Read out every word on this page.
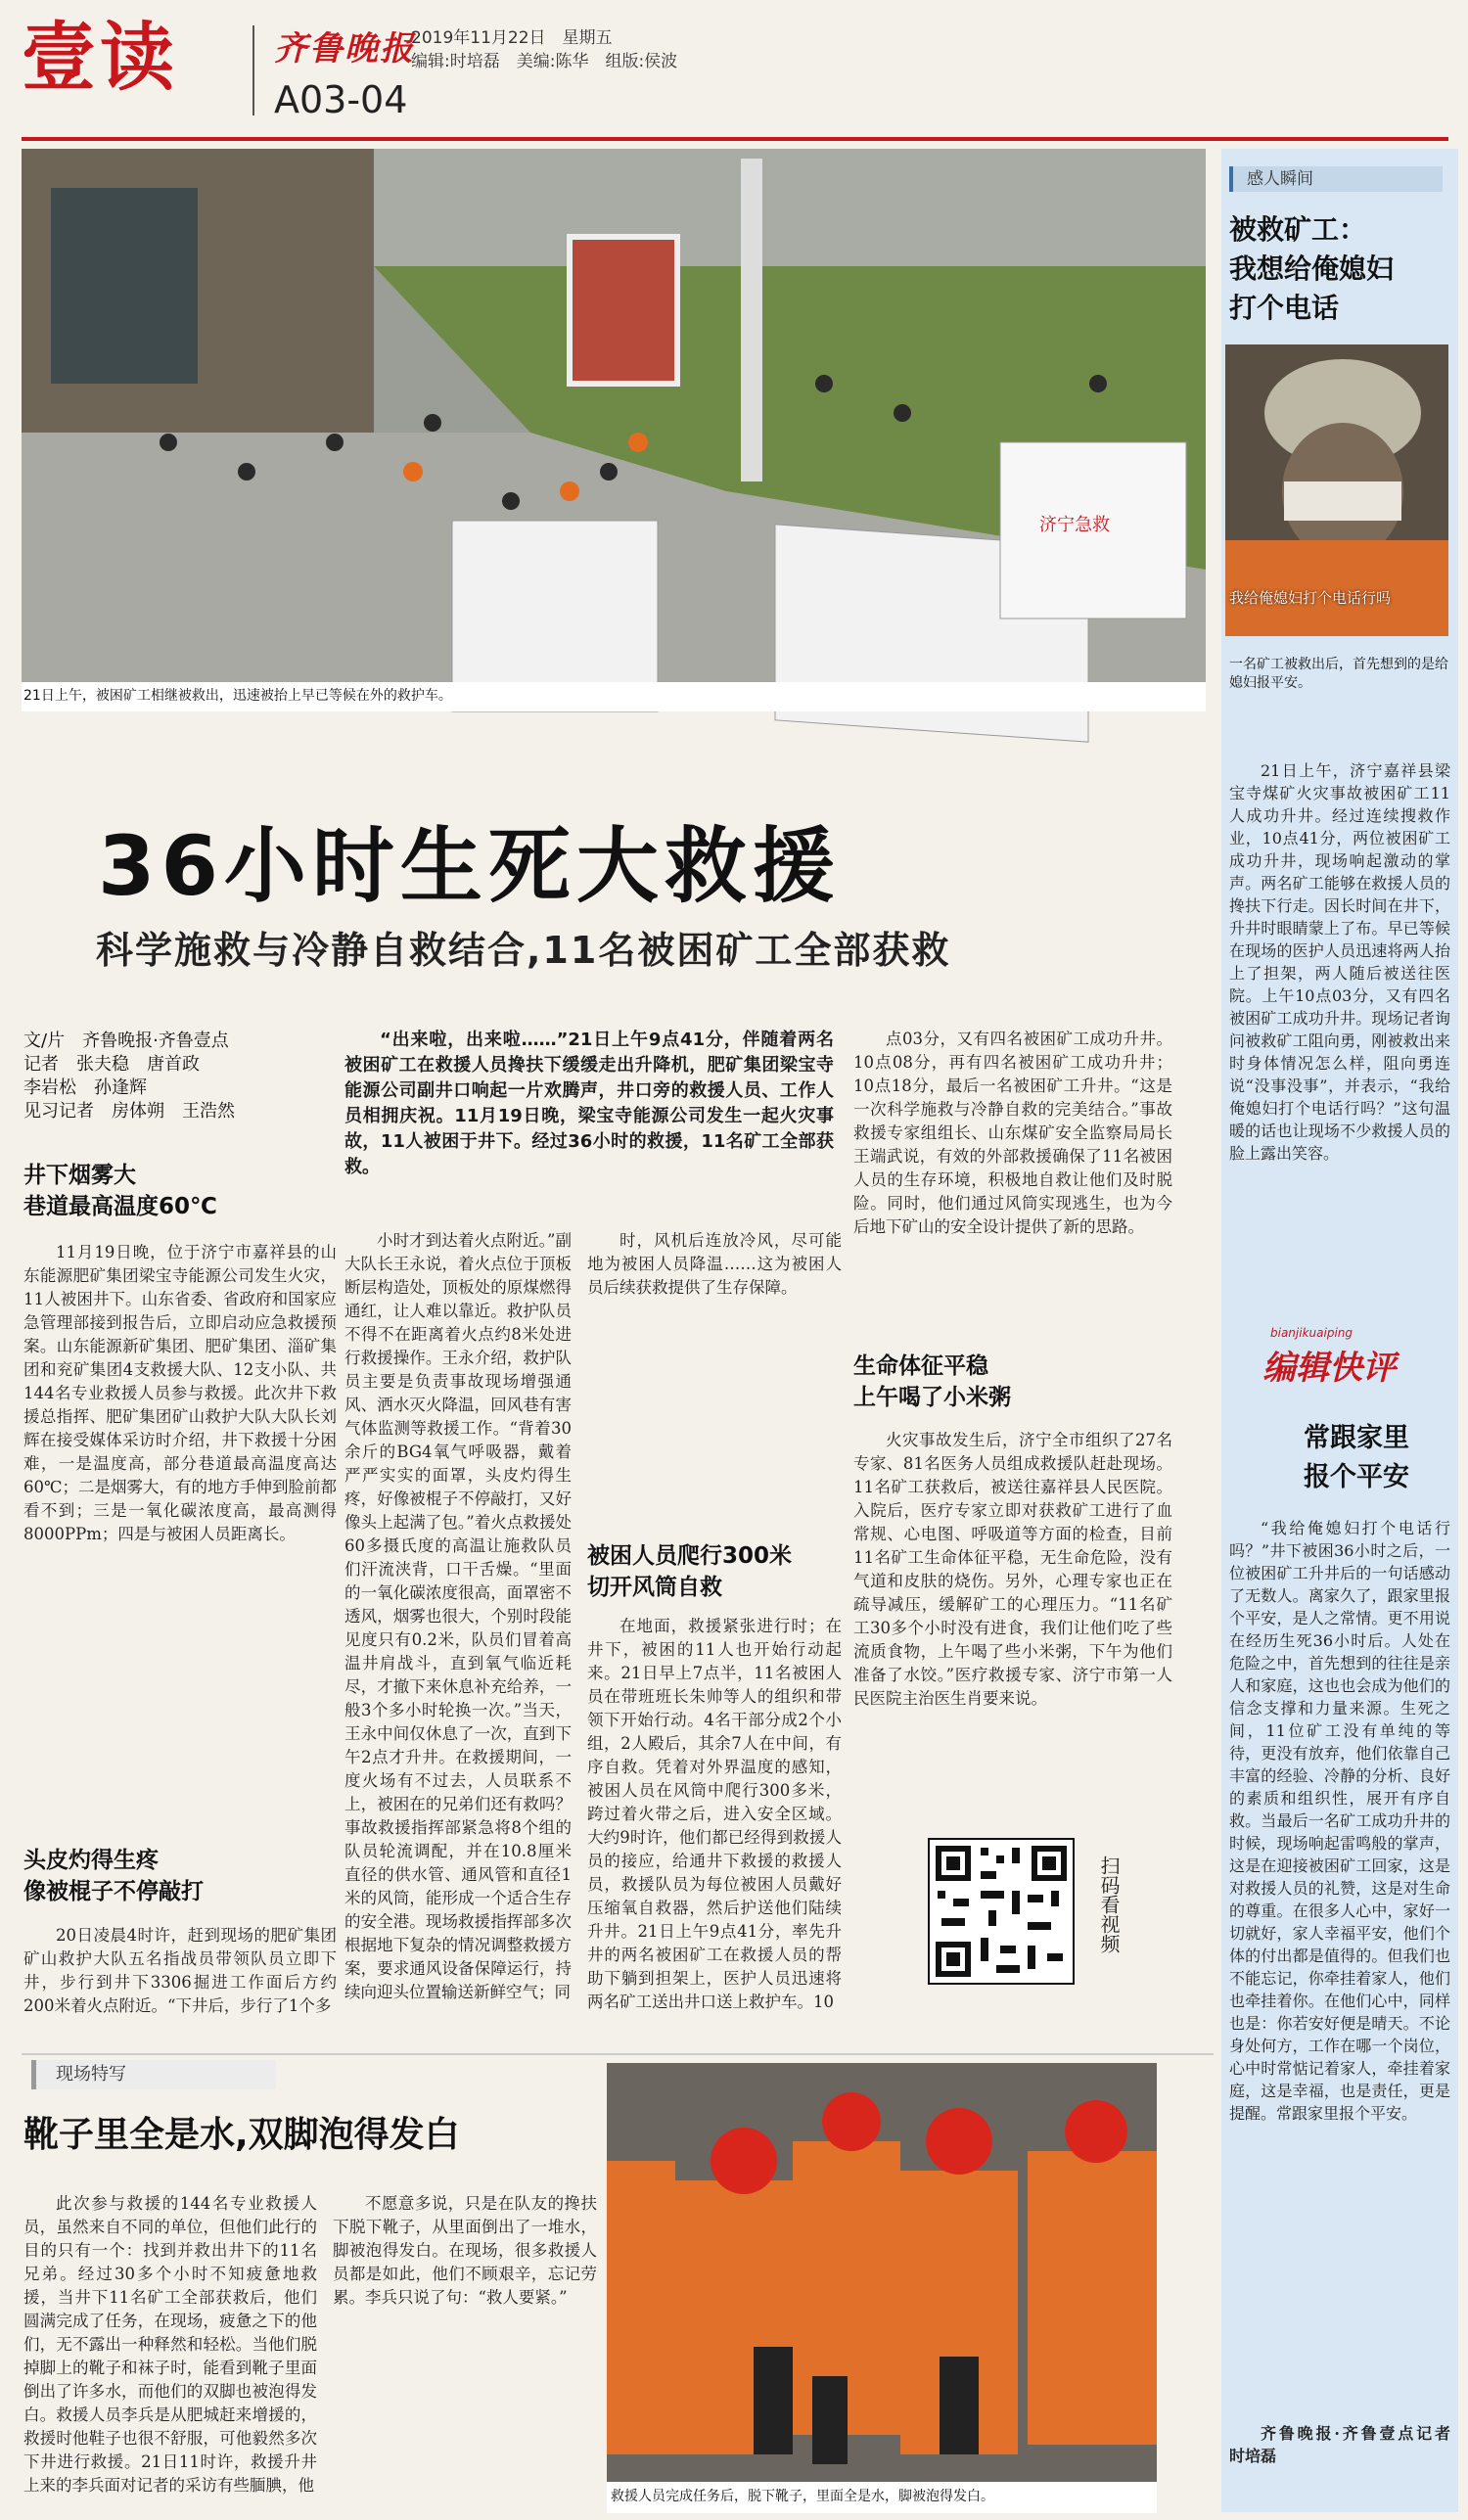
壹读	齐鲁晚报
2019年11月22日　星期五
编辑:时培磊　美编:陈华　组版:侯波
A03-04
济宁急救
21日上午，被困矿工相继被救出，迅速被抬上早已等候在外的救护车。
36小时生死大救援
科学施救与冷静自救结合,11名被困矿工全部获救
文/片　齐鲁晚报·齐鲁壹点
记者　张夫稳　唐首政
李岩松　孙逢辉
见习记者　房体朔　王浩然
井下烟雾大
巷道最高温度60℃
11月19日晚，位于济宁市嘉祥县的山东能源肥矿集团梁宝寺能源公司发生火灾，11人被困井下。山东省委、省政府和国家应急管理部接到报告后，立即启动应急救援预案。山东能源新矿集团、肥矿集团、淄矿集团和兖矿集团4支救援大队、12支小队、共144名专业救援人员参与救援。此次井下救援总指挥、肥矿集团矿山救护大队大队长刘辉在接受媒体采访时介绍，井下救援十分困难，一是温度高，部分巷道最高温度高达60℃；二是烟雾大，有的地方手伸到脸前都看不到；三是一氧化碳浓度高，最高测得8000PPm；四是与被困人员距离长。
头皮灼得生疼
像被棍子不停敲打
20日凌晨4时许，赶到现场的肥矿集团矿山救护大队五名指战员带领队员立即下井，步行到井下3306掘进工作面后方约200米着火点附近。“下井后，步行了1个多
“出来啦，出来啦……”21日上午9点41分，伴随着两名被困矿工在救援人员搀扶下缓缓走出升降机，肥矿集团梁宝寺能源公司副井口响起一片欢腾声，井口旁的救援人员、工作人员相拥庆祝。11月19日晚，梁宝寺能源公司发生一起火灾事故，11人被困于井下。经过36小时的救援，11名矿工全部获救。
小时才到达着火点附近。”副大队长王永说，着火点位于顶板断层构造处，顶板处的原煤燃得通红，让人难以靠近。救护队员不得不在距离着火点约8米处进行救援操作。王永介绍，救护队员主要是负责事故现场增强通风、洒水灭火降温，回风巷有害气体监测等救援工作。“背着30余斤的BG4氧气呼吸器，戴着严严实实的面罩，头皮灼得生疼，好像被棍子不停敲打，又好像头上起满了包。”着火点救援处60多摄氏度的高温让施救队员们汗流浃背，口干舌燥。“里面的一氧化碳浓度很高，面罩密不透风，烟雾也很大，个别时段能见度只有0.2米，队员们冒着高温井肩战斗，直到氧气临近耗尽，才撤下来休息补充给养，一般3个多小时轮换一次。”当天，王永中间仅休息了一次，直到下午2点才升井。在救援期间，一度火场有不过去，人员联系不上，被困在的兄弟们还有救吗？事故救援指挥部紧急将8个组的队员轮流调配，并在10.8厘米直径的供水管、通风管和直径1米的风筒，能形成一个适合生存的安全港。现场救援指挥部多次根据地下复杂的情况调整救援方案，要求通风设备保障运行，持续向迎头位置输送新鲜空气；同
时，风机后连放冷风，尽可能地为被困人员降温……这为被困人员后续获救提供了生存保障。
被困人员爬行300米
切开风筒自救
在地面，救援紧张进行时；在井下，被困的11人也开始行动起来。21日早上7点半，11名被困人员在带班班长朱帅等人的组织和带领下开始行动。4名干部分成2个小组，2人殿后，其余7人在中间，有序自救。凭着对外界温度的感知，被困人员在风筒中爬行300多米，跨过着火带之后，进入安全区域。大约9时许，他们都已经得到救援人员的接应，给通井下救援的救援人员，救援队员为每位被困人员戴好压缩氧自救器，然后护送他们陆续升井。21日上午9点41分，率先升井的两名被困矿工在救援人员的帮助下躺到担架上，医护人员迅速将两名矿工送出井口送上救护车。10
点03分，又有四名被困矿工成功升井。10点08分，再有四名被困矿工成功升井；10点18分，最后一名被困矿工升井。“这是一次科学施救与冷静自救的完美结合。”事故救援专家组组长、山东煤矿安全监察局局长王端武说，有效的外部救援确保了11名被困人员的生存环境，积极地自救让他们及时脱险。同时，他们通过风筒实现逃生，也为今后地下矿山的安全设计提供了新的思路。
生命体征平稳
上午喝了小米粥
火灾事故发生后，济宁全市组织了27名专家、81名医务人员组成救援队赶赴现场。11名矿工获救后，被送往嘉祥县人民医院。入院后，医疗专家立即对获救矿工进行了血常规、心电图、呼吸道等方面的检查，目前11名矿工生命体征平稳，无生命危险，没有气道和皮肤的烧伤。另外，心理专家也正在疏导减压，缓解矿工的心理压力。“11名矿工30多个小时没有进食，我们让他们吃了些流质食物，上午喝了些小米粥，下午为他们准备了水饺。”医疗救援专家、济宁市第一人民医院主治医生肖要来说。
扫码看视频
现场特写
靴子里全是水,双脚泡得发白
此次参与救援的144名专业救援人员，虽然来自不同的单位，但他们此行的目的只有一个：找到并救出井下的11名兄弟。经过30多个小时不知疲惫地救援，当井下11名矿工全部获救后，他们圆满完成了任务，在现场，疲惫之下的他们，无不露出一种释然和轻松。当他们脱掉脚上的靴子和袜子时，能看到靴子里面倒出了许多水，而他们的双脚也被泡得发白。救援人员李兵是从肥城赶来增援的，救援时他鞋子也很不舒服，可他毅然多次下井进行救援。21日11时许，救援升井上来的李兵面对记者的采访有些腼腆，他
不愿意多说，只是在队友的搀扶下脱下靴子，从里面倒出了一堆水，脚被泡得发白。在现场，很多救援人员都是如此，他们不顾艰辛，忘记劳累。李兵只说了句：“救人要紧。”
救援人员完成任务后，脱下靴子，里面全是水，脚被泡得发白。
感人瞬间
被救矿工：
我想给俺媳妇
打个电话
我给俺媳妇打个电话行吗
一名矿工被救出后，首先想到的是给媳妇报平安。
21日上午，济宁嘉祥县梁宝寺煤矿火灾事故被困矿工11人成功升井。经过连续搜救作业，10点41分，两位被困矿工成功升井，现场响起激动的掌声。两名矿工能够在救援人员的搀扶下行走。因长时间在井下，升井时眼睛蒙上了布。早已等候在现场的医护人员迅速将两人抬上了担架，两人随后被送往医院。上午10点03分，又有四名被困矿工成功升井。现场记者询问被救矿工阻向勇，刚被救出来时身体情况怎么样，阻向勇连说“没事没事”，并表示，“我给俺媳妇打个电话行吗？”这句温暖的话也让现场不少救援人员的脸上露出笑容。
bianjikuaiping
编辑快评
常跟家里
报个平安
“我给俺媳妇打个电话行吗？”井下被困36小时之后，一位被困矿工升井后的一句话感动了无数人。离家久了，跟家里报个平安，是人之常情。更不用说在经历生死36小时后。人处在危险之中，首先想到的往往是亲人和家庭，这也也会成为他们的信念支撑和力量来源。生死之间，11位矿工没有单纯的等待，更没有放弃，他们依靠自己丰富的经验、冷静的分析、良好的素质和组织性，展开有序自救。当最后一名矿工成功升井的时候，现场响起雷鸣般的掌声，这是在迎接被困矿工回家，这是对救援人员的礼赞，这是对生命的尊重。在很多人心中，家好一切就好，家人幸福平安，他们个体的付出都是值得的。但我们也不能忘记，你牵挂着家人，他们也牵挂着你。在他们心中，同样也是：你若安好便是晴天。不论身处何方，工作在哪一个岗位，心中时常惦记着家人，牵挂着家庭，这是幸福，也是责任，更是提醒。常跟家里报个平安。
齐鲁晚报·齐鲁壹点记者　时培磊
